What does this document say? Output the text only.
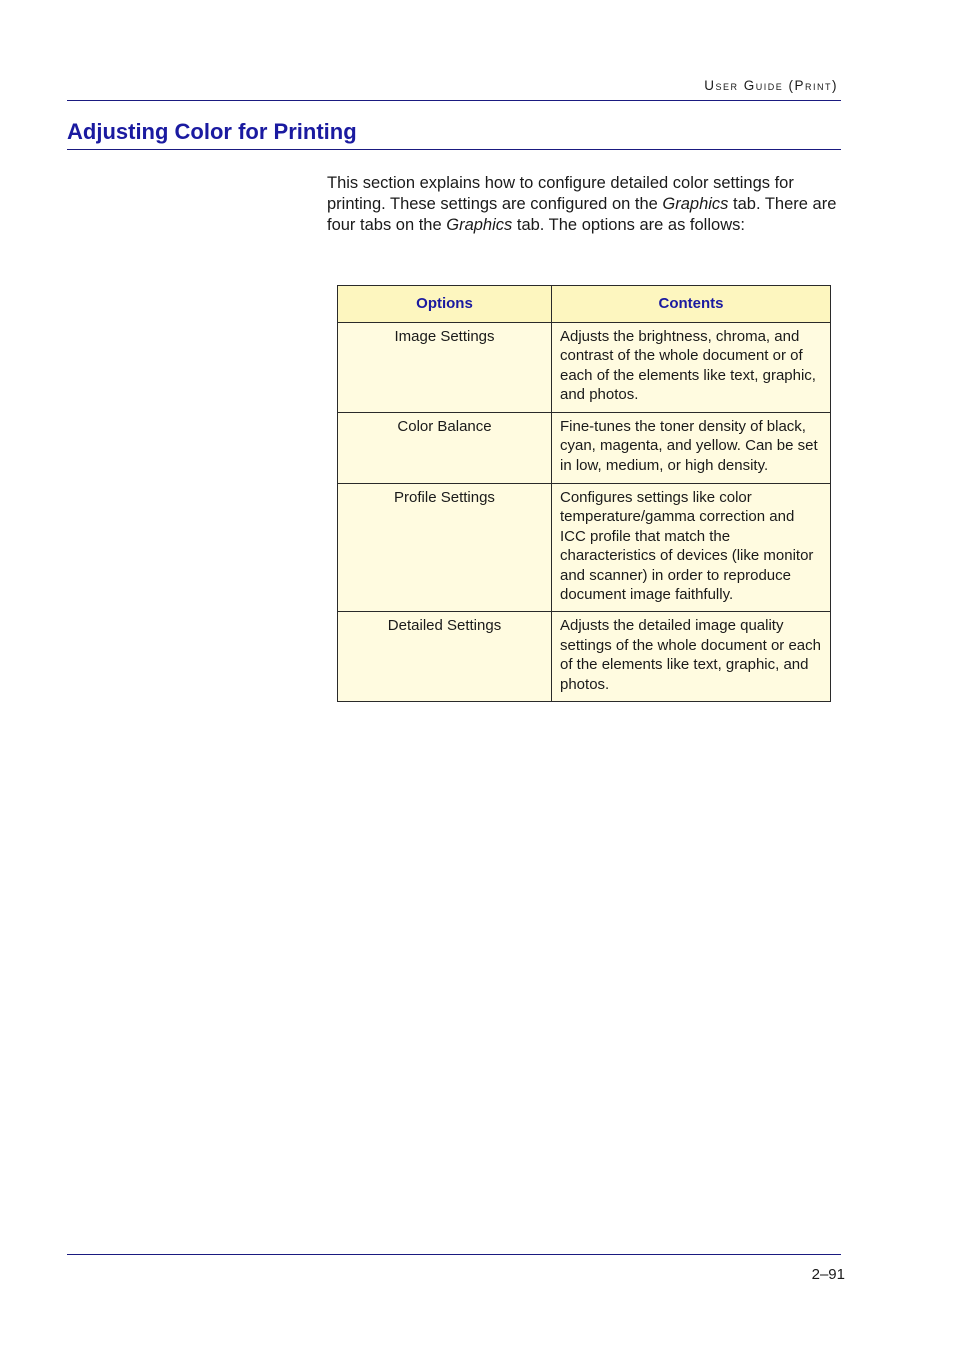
User Guide (Print)
Adjusting Color for Printing

This section explains how to configure detailed color settings for printing. These settings are configured on the Graphics tab. There are four tabs on the Graphics tab. The options are as follows:

Options	Contents
Image Settings	Adjusts the brightness, chroma, and contrast of the whole document or of each of the elements like text, graphic, and photos.
Color Balance	Fine-tunes the toner density of black, cyan, magenta, and yellow. Can be set in low, medium, or high density.
Profile Settings	Configures settings like color temperature/gamma correction and ICC profile that match the characteristics of devices (like monitor and scanner) in order to reproduce document image faithfully.
Detailed Settings	Adjusts the detailed image quality settings of the whole document or each of the elements like text, graphic, and photos.
2–91
